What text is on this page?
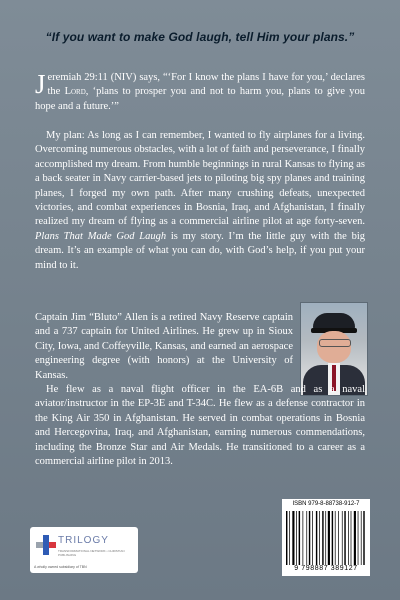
“If you want to make God laugh, tell Him your plans.”

Jeremiah 29:11 (NIV) says, “‘For I know the plans I have for you,’ declares the Lord, ‘plans to prosper you and not to harm you, plans to give you hope and a future.’”

My plan: As long as I can remember, I wanted to fly airplanes for a living. Overcoming numerous obstacles, with a lot of faith and perseverance, I finally accomplished my dream. From humble beginnings in rural Kansas to flying as a back seater in Navy carrier-based jets to piloting big spy planes and training planes, I forged my own path. After many crushing defeats, unexpected victories, and combat experiences in Bosnia, Iraq, and Afghanistan, I finally realized my dream of flying as a commercial airline pilot at age forty-seven. Plans That Made God Laugh is my story. I’m the little guy with the big dream. It’s an example of what you can do, with God’s help, if you put your mind to it.

Captain Jim “Bluto” Allen is a retired Navy Reserve captain and a 737 captain for United Airlines. He grew up in Sioux City, Iowa, and Coffeyville, Kansas, and earned an aerospace engineering degree (with honors) at the University of Kansas.

He flew as a naval flight officer in the EA-6B and as a naval aviator/instructor in the EP-3E and T-34C. He flew as a defense contractor in the King Air 350 in Afghanistan. He served in combat operations in Bosnia and Hercegovina, Iraq, and Afghanistan, earning numerous commendations, including the Bronze Star and Air Medals. He transitioned to a career as a commercial airline pilot in 2013.

TRILOGY
TRANSFORMATIONAL NETWORK • CHRISTIAN PUBLISHING
A wholly owned subsidiary of TBN
ISBN 979-8-88738-912-7
9 798887 389127
